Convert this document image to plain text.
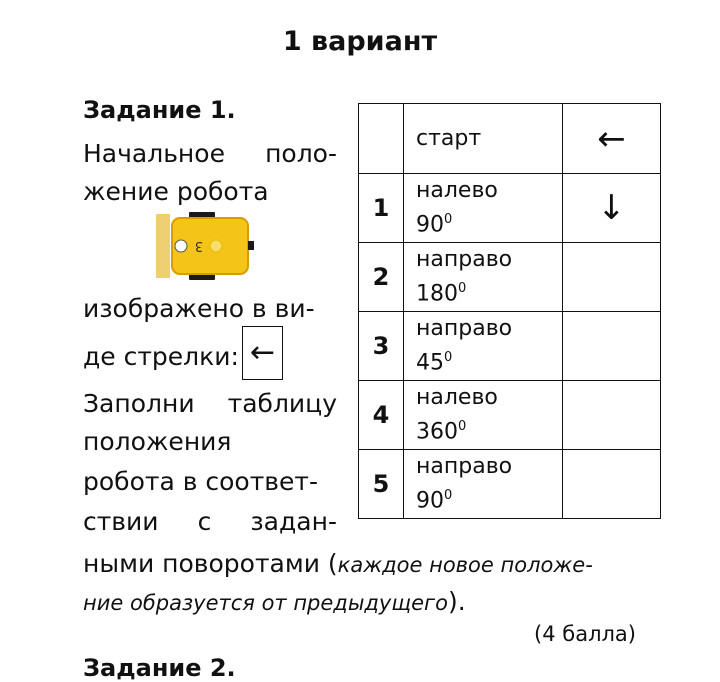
1 вариант
Задание 1.
Начальное поло-
жение робота
3
изображено в ви-
де стрелки: ←
Заполни таблицу
положения
робота в соответ-
ствии с задан-
ными поворотами (каждое новое положе-
ние образуется от предыдущего).
(4 балла)
Задание 2.
	старт	←
1	налево
$90^0$	↓
2	направо
$180^0$	
3	направо
$45^0$	
4	налево
$360^0$	
5	направо
$90^0$	
